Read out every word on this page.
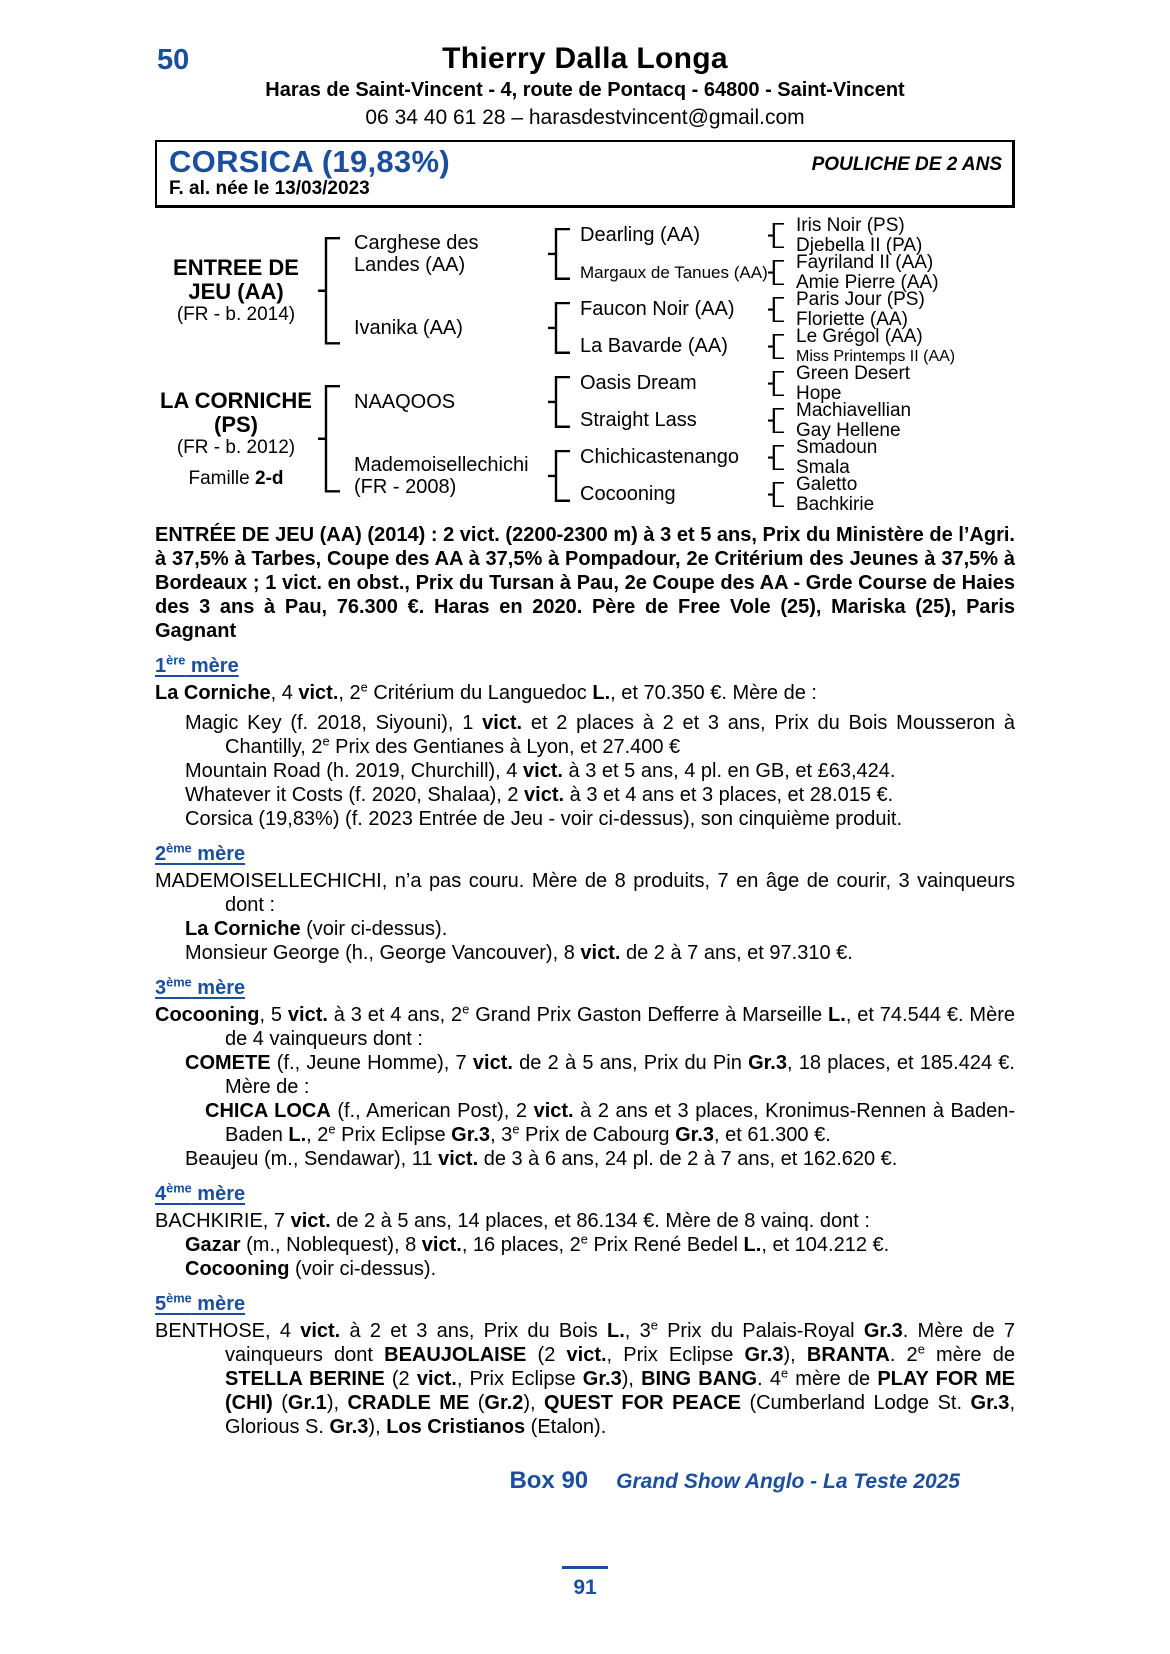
50	Thierry Dalla Longa
Haras de Saint-Vincent - 4, route de Pontacq - 64800 - Saint-Vincent
06 34 40 61 28 – harasdestvincent@gmail.com
CORSICA (19,83%)	POULICHE DE 2 ANS
F. al. née le 13/03/2023
ENTREE DE
JEU (AA)
(FR - b. 2014)
LA CORNICHE
(PS)
(FR - b. 2012)
Famille 2-d
Carghese des
Landes (AA)
Ivanika (AA)
NAAQOOS
Mademoisellechichi
(FR - 2008)
Dearling (AA)
Margaux de Tanues (AA)
Faucon Noir (AA)
La Bavarde (AA)
Oasis Dream
Straight Lass
Chichicastenango
Cocooning
Iris Noir (PS)
Djebella II (PA)
Fayriland II (AA)
Amie Pierre (AA)
Paris Jour (PS)
Floriette (AA)
Le Grégol (AA)
Miss Printemps II (AA)
Green Desert
Hope
Machiavellian
Gay Hellene
Smadoun
Smala
Galetto
Bachkirie
ENTRÉE DE JEU (AA) (2014) : 2 vict. (2200-2300 m) à 3 et 5 ans, Prix du Ministère de l’Agri. à 37,5% à Tarbes, Coupe des AA à 37,5% à Pompadour, 2e Critérium des Jeunes à 37,5% à Bordeaux ; 1 vict. en obst., Prix du Tursan à Pau, 2e Coupe des AA - Grde Course de Haies des 3 ans à Pau, 76.300 €. Haras en 2020. Père de Free Vole (25), Mariska (25), Paris Gagnant
1ère mère
La Corniche, 4 vict., 2e Critérium du Languedoc L., et 70.350 €. Mère de :
Magic Key (f. 2018, Siyouni), 1 vict. et 2 places à 2 et 3 ans, Prix du Bois Mousseron à Chantilly, 2e Prix des Gentianes à Lyon, et 27.400 €
Mountain Road (h. 2019, Churchill), 4 vict. à 3 et 5 ans, 4 pl. en GB, et £63,424.
Whatever it Costs (f. 2020, Shalaa), 2 vict. à 3 et 4 ans et 3 places, et 28.015 €.
Corsica (19,83%) (f. 2023 Entrée de Jeu - voir ci-dessus), son cinquième produit.
2ème mère
MADEMOISELLECHICHI, n’a pas couru. Mère de 8 produits, 7 en âge de courir, 3 vainqueurs dont :
La Corniche (voir ci-dessus).
Monsieur George (h., George Vancouver), 8 vict. de 2 à 7 ans, et 97.310 €.
3ème mère
Cocooning, 5 vict. à 3 et 4 ans, 2e Grand Prix Gaston Defferre à Marseille L., et 74.544 €. Mère de 4 vainqueurs dont :
COMETE (f., Jeune Homme), 7 vict. de 2 à 5 ans, Prix du Pin Gr.3, 18 places, et 185.424 €. Mère de :
CHICA LOCA (f., American Post), 2 vict. à 2 ans et 3 places, Kronimus-Rennen à Baden-Baden L., 2e Prix Eclipse Gr.3, 3e Prix de Cabourg Gr.3, et 61.300 €.
Beaujeu (m., Sendawar), 11 vict. de 3 à 6 ans, 24 pl. de 2 à 7 ans, et 162.620 €.
4ème mère
BACHKIRIE, 7 vict. de 2 à 5 ans, 14 places, et 86.134 €. Mère de 8 vainq. dont :
Gazar (m., Noblequest), 8 vict., 16 places, 2e Prix René Bedel L., et 104.212 €.
Cocooning (voir ci-dessus).
5ème mère
BENTHOSE, 4 vict. à 2 et 3 ans, Prix du Bois L., 3e Prix du Palais-Royal Gr.3. Mère de 7 vainqueurs dont BEAUJOLAISE (2 vict., Prix Eclipse Gr.3), BRANTA. 2e mère de STELLA BERINE (2 vict., Prix Eclipse Gr.3), BING BANG. 4e mère de PLAY FOR ME (CHI) (Gr.1), CRADLE ME (Gr.2), QUEST FOR PEACE (Cumberland Lodge St. Gr.3, Glorious S. Gr.3), Los Cristianos (Etalon).
Box 90 Grand Show Anglo - La Teste 2025
91
